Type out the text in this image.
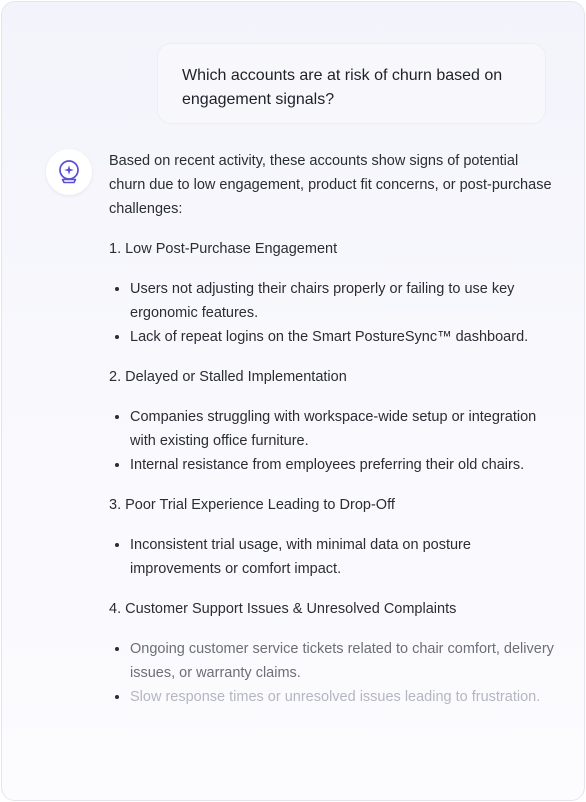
Which accounts are at risk of churn based on engagement signals?

Based on recent activity, these accounts show signs of potential churn due to low engagement, product fit concerns, or post-purchase challenges:

1. Low Post-Purchase Engagement

• Users not adjusting their chairs properly or failing to use key ergonomic features.
• Lack of repeat logins on the Smart PostureSync™ dashboard.

2. Delayed or Stalled Implementation

• Companies struggling with workspace-wide setup or integration with existing office furniture.
• Internal resistance from employees preferring their old chairs.

3. Poor Trial Experience Leading to Drop-Off

• Inconsistent trial usage, with minimal data on posture improvements or comfort impact.

4. Customer Support Issues & Unresolved Complaints

• Ongoing customer service tickets related to chair comfort, delivery issues, or warranty claims.
• Slow response times or unresolved issues leading to frustration.
